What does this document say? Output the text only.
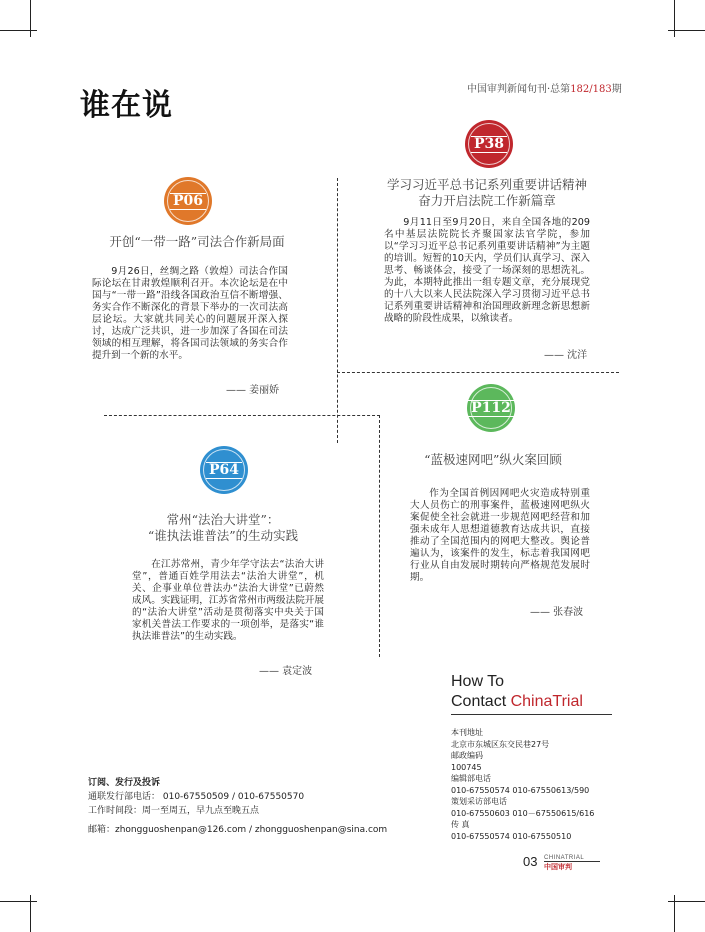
谁在说	中国审判新闻旬刊·总第182/183期
P06
开创“一带一路”司法合作新局面
9月26日，丝绸之路（敦煌）司法合作国际论坛在甘肃敦煌顺利召开。本次论坛是在中国与“一带一路”沿线各国政治互信不断增强、务实合作不断深化的背景下举办的一次司法高层论坛。大家就共同关心的问题展开深入探讨，达成广泛共识，进一步加深了各国在司法领域的相互理解，将各国司法领域的务实合作提升到一个新的水平。
—— 姜丽娇
P38
学习习近平总书记系列重要讲话精神
奋力开启法院工作新篇章
9月11日至9月20日，来自全国各地的209名中基层法院院长齐聚国家法官学院，参加以“学习习近平总书记系列重要讲话精神”为主题的培训。短暂的10天内，学员们认真学习、深入思考、畅谈体会，接受了一场深刻的思想洗礼。为此，本期特此推出一组专题文章，充分展现党的十八大以来人民法院深入学习贯彻习近平总书记系列重要讲话精神和治国理政新理念新思想新战略的阶段性成果，以飨读者。
—— 沈洋
P64
常州“法治大讲堂”：
“谁执法谁普法”的生动实践
在江苏常州，青少年学守法去“法治大讲堂”，普通百姓学用法去“法治大讲堂”，机关、企事业单位普法办“法治大讲堂”已蔚然成风。实践证明，江苏省常州市两级法院开展的“法治大讲堂”活动是贯彻落实中央关于国家机关普法工作要求的一项创举，是落实“谁执法谁普法”的生动实践。
—— 袁定波
P112
“蓝极速网吧”纵火案回顾
作为全国首例因网吧火灾造成特别重大人员伤亡的刑事案件，蓝极速网吧纵火案促使全社会就进一步规范网吧经营和加强未成年人思想道德教育达成共识，直接推动了全国范围内的网吧大整改。舆论普遍认为，该案件的发生，标志着我国网吧行业从自由发展时期转向严格规范发展时期。
—— 张春波
How To
Contact ChinaTrial
本刊地址
北京市东城区东交民巷27号
邮政编码
100745
编辑部电话
010-67550574 010-67550613/590
策划采访部电话
010-67550603 010－67550615/616
传 真
010-67550574 010-67550510
订阅、发行及投诉
通联发行部电话： 010-67550509 / 010-67550570
工作时间段：周一至周五，早九点至晚五点
邮箱：zhongguoshenpan@126.com / zhongguoshenpan@sina.com
03 CHINATRIAL
中国审判
